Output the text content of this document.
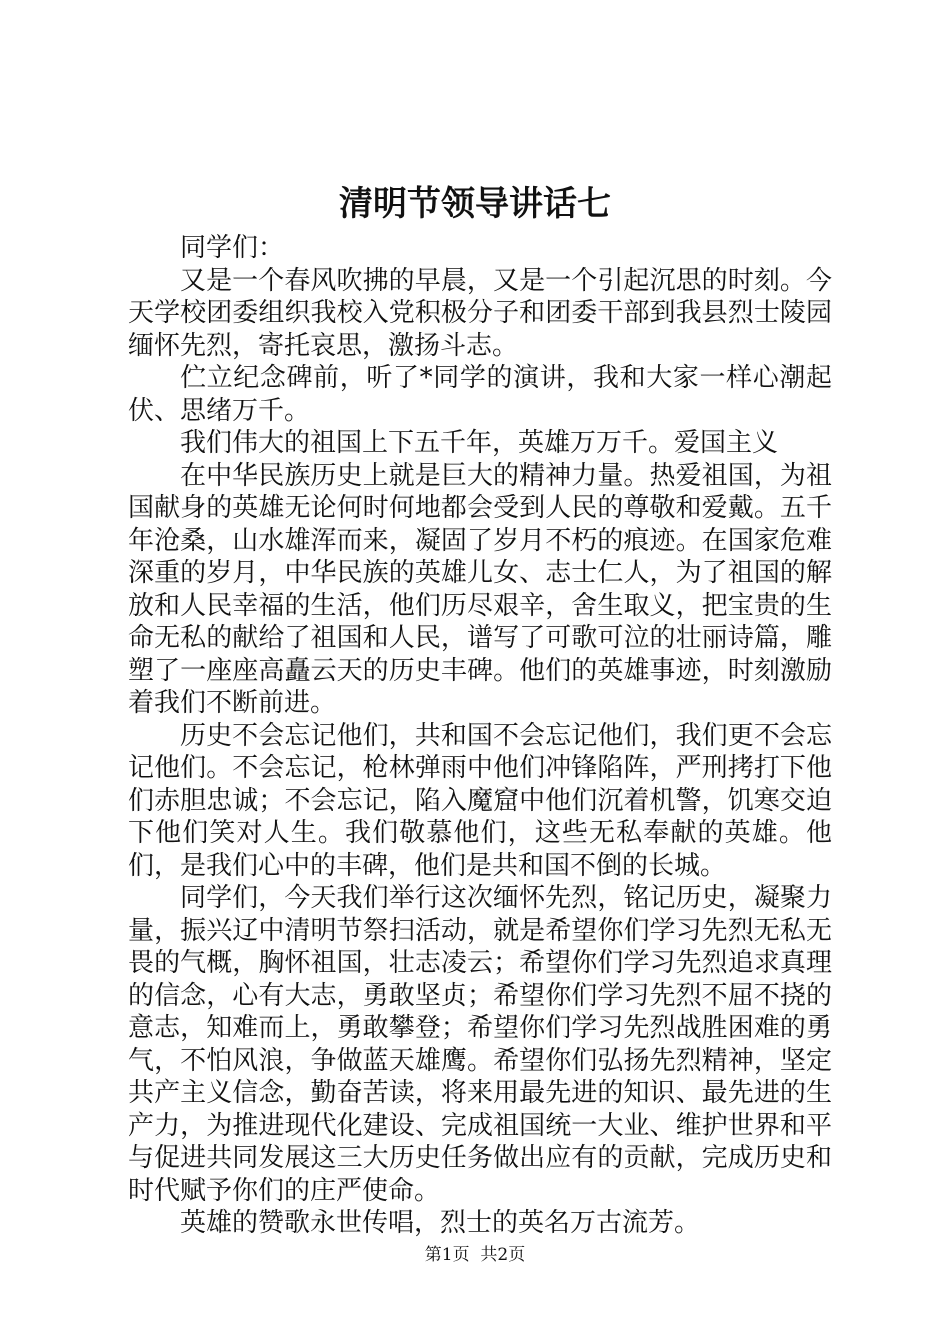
清明节领导讲话七

同学们：

又是一个春风吹拂的早晨，又是一个引起沉思的时刻。今天学校团委组织我校入党积极分子和团委干部到我县烈士陵园缅怀先烈，寄托哀思，激扬斗志。

伫立纪念碑前，听了*同学的演讲，我和大家一样心潮起伏、思绪万千。

我们伟大的祖国上下五千年，英雄万万千。爱国主义

在中华民族历史上就是巨大的精神力量。热爱祖国，为祖国献身的英雄无论何时何地都会受到人民的尊敬和爱戴。五千年沧桑，山水雄浑而来，凝固了岁月不朽的痕迹。在国家危难深重的岁月，中华民族的英雄儿女、志士仁人，为了祖国的解放和人民幸福的生活，他们历尽艰辛，舍生取义，把宝贵的生命无私的献给了祖国和人民，谱写了可歌可泣的壮丽诗篇，雕塑了一座座高矗云天的历史丰碑。他们的英雄事迹，时刻激励着我们不断前进。

历史不会忘记他们，共和国不会忘记他们，我们更不会忘记他们。不会忘记，枪林弹雨中他们冲锋陷阵，严刑拷打下他们赤胆忠诚；不会忘记，陷入魔窟中他们沉着机警，饥寒交迫下他们笑对人生。我们敬慕他们，这些无私奉献的英雄。他们，是我们心中的丰碑，他们是共和国不倒的长城。

同学们，今天我们举行这次缅怀先烈，铭记历史，凝聚力量，振兴辽中清明节祭扫活动，就是希望你们学习先烈无私无畏的气概，胸怀祖国，壮志凌云；希望你们学习先烈追求真理的信念，心有大志，勇敢坚贞；希望你们学习先烈不屈不挠的意志，知难而上，勇敢攀登；希望你们学习先烈战胜困难的勇气，不怕风浪，争做蓝天雄鹰。希望你们弘扬先烈精神，坚定共产主义信念，勤奋苦读，将来用最先进的知识、最先进的生产力，为推进现代化建设、完成祖国统一大业、维护世界和平与促进共同发展这三大历史任务做出应有的贡献，完成历史和时代赋予你们的庄严使命。

英雄的赞歌永世传唱，烈士的英名万古流芳。

第1页  共2页
